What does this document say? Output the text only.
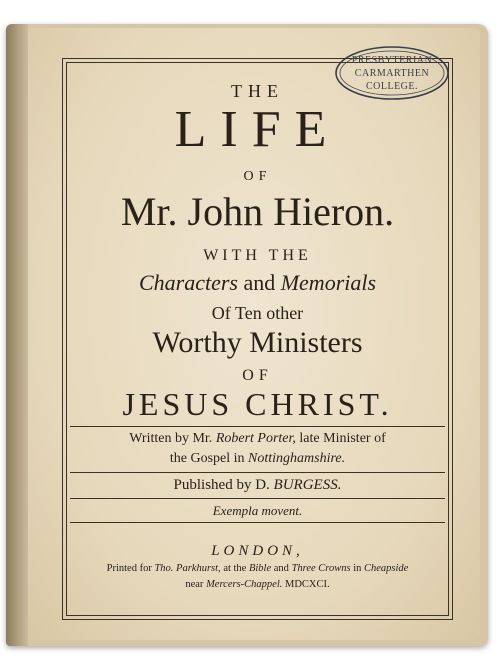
PRESBYTERIAN
CARMARTHEN
COLLEGE.
THE
LIFE
OF
Mr. John Hieron.
WITH THE
Characters and Memorials
Of Ten other
Worthy Ministers
OF
JESUS CHRIST.
Written by Mr. Robert Porter, late Minister of
the Gospel in Nottinghamshire.
Published by D. BURGESS.
Exempla movent.
LONDON,
Printed for Tho. Parkhurst, at the Bible and Three Crowns in Cheapside
near Mercers-Chappel. MDCXCI.
